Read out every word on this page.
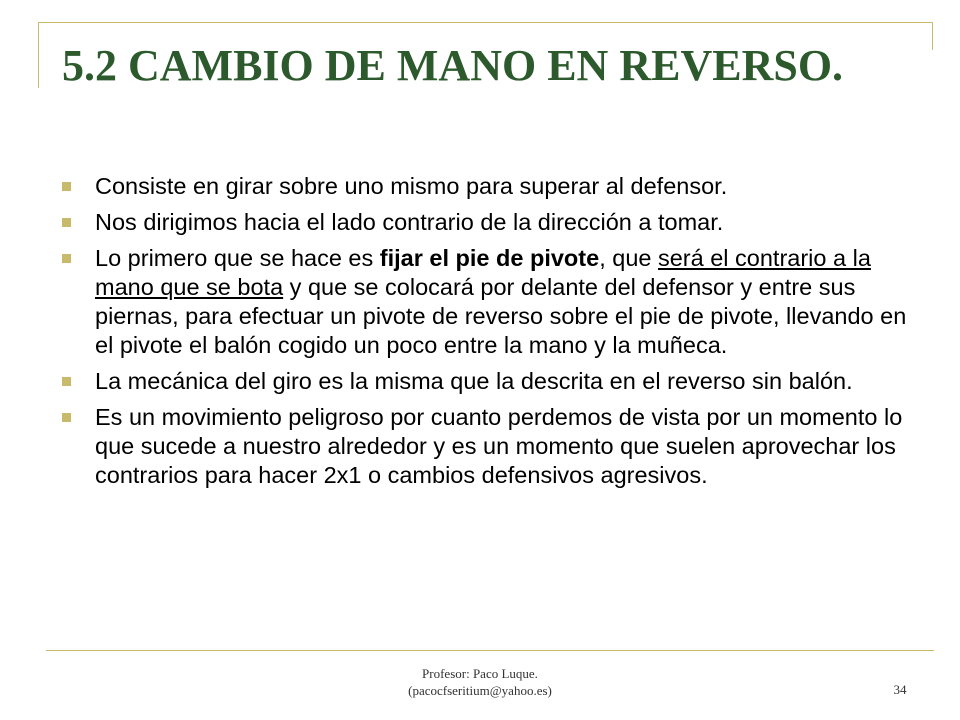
5.2 CAMBIO DE MANO EN REVERSO.
Consiste en girar sobre uno mismo para superar al defensor.
Nos dirigimos hacia el lado contrario de la dirección a tomar.
Lo primero que se hace es fijar el pie de pivote, que será el contrario a la mano que se bota y que se colocará por delante del defensor y entre sus piernas, para efectuar un pivote de reverso sobre el pie de pivote, llevando en el pivote el balón cogido un poco entre la mano y la muñeca.
La mecánica del giro es la misma que la descrita en el reverso sin balón.
Es un movimiento peligroso por cuanto perdemos de vista por un momento lo que sucede a nuestro alrededor y es un momento que suelen aprovechar los contrarios para hacer 2x1 o cambios defensivos agresivos.
Profesor: Paco Luque.
(pacocfseritium@yahoo.es)	34
